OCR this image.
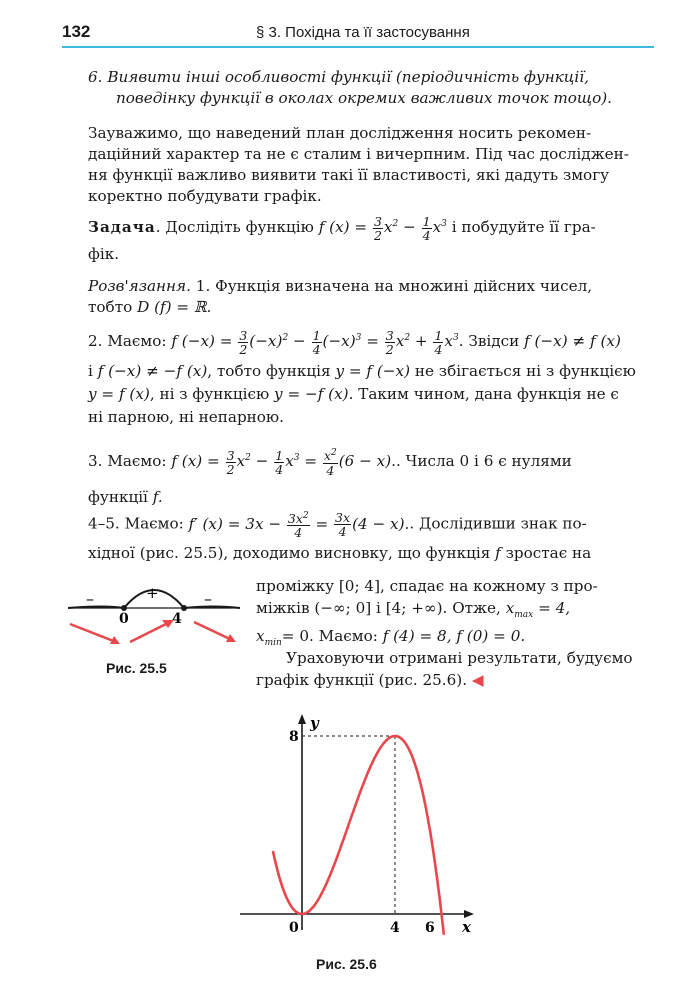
132	§ 3. Похідна та її застосування
6. Виявити інші особливості функції (періодичність функції,
поведінку функції в околах окремих важливих точок тощо).
Зауважимо, що наведений план дослідження носить рекомен-
даційний характер та не є сталим і вичерпним. Під час досліджен-
ня функції важливо виявити такі її властивості, які дадуть змогу
коректно побудувати графік.
Задача. Дослідіть функцію f $(x) = \frac{3}{2} x^2 - \frac{1}{4} x^3$ і побудуйте її гра-
фік.
Розв'язання. 1. Функція визначена на множині дійсних чисел,
тобто D (f) = ℝ.
2. Маємо: f $(-x) = \frac{3}{2} (-x)^2 - \frac{1}{4} (-x)^3 = \frac{3}{2} x^2 + \frac{1}{4} x^3$. Звідси f (−x) ≠ f (x)
і f (−x) ≠ −f (x), тобто функція y = f (−x) не збігається ні з функцією
y = f (x), ні з функцією y = −f (x). Таким чином, дана функція не є
ні парною, ні непарною.
3. Маємо: f $(x) = \frac{3}{2} x^2 - \frac{1}{4} x^3 = \frac{x^2}{4} (6 - x)$.. Числа 0 і 6 є нулями
функції f.
4–5. Маємо: f′ $(x) = 3x - \frac{3x^2}{4} = \frac{3x}{4} (4 - x)$.. Дослідивши знак по-
хідної (рис. 25.5), доходимо висновку, що функція f зростає на
проміжку [0; 4], спадає на кожному з про-
міжків (−∞; 0] і [4; +∞). Отже, $x_{max} = 4$,
$x_{min}= 0$. Маємо: f (4) = 8, f (0) = 0.
Ураховуючи отримані результати, будуємо
графік функції (рис. 25.6). ◀
–	+	–
0	4
Рис. 25.5
y
x
8
0	4 6
Рис. 25.6
